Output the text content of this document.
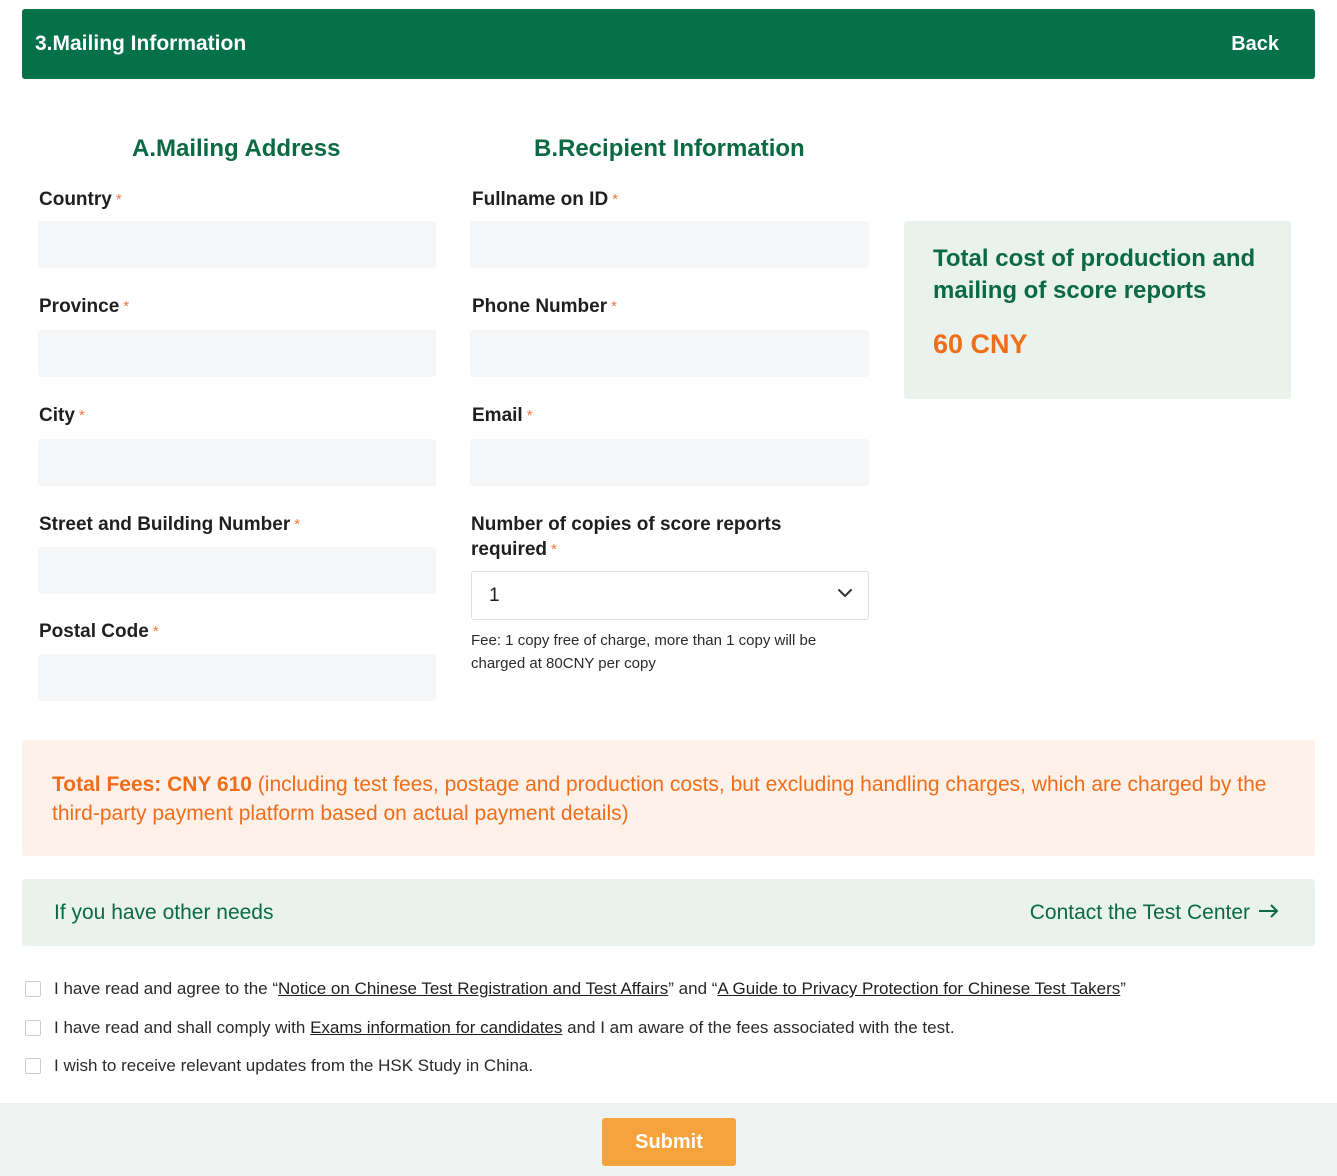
3.Mailing Information	Back
A.Mailing Address	B.Recipient Information
Country *
Province *
City *
Street and Building Number *
Postal Code *
Fullname on ID *
Phone Number *
Email *
Number of copies of score reports required *
1
Fee: 1 copy free of charge, more than 1 copy will be charged at 80CNY per copy
Total cost of production and mailing of score reports
60 CNY
Total Fees: CNY 610 (including test fees, postage and production costs, but excluding handling charges, which are charged by the third-party payment platform based on actual payment details)
If you have other needs	Contact the Test Center
I have read and agree to the “Notice on Chinese Test Registration and Test Affairs” and “A Guide to Privacy Protection for Chinese Test Takers”
I have read and shall comply with Exams information for candidates and I am aware of the fees associated with the test.
I wish to receive relevant updates from the HSK Study in China.
Submit
